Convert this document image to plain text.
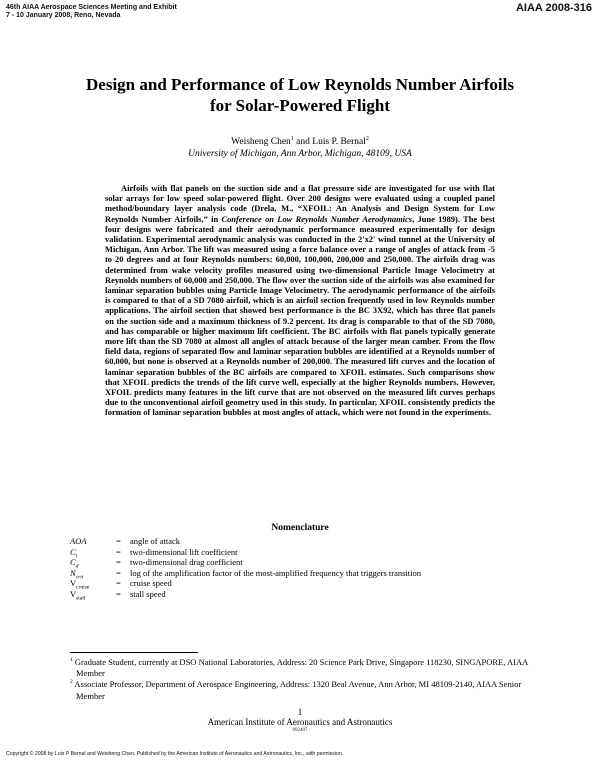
46th AIAA Aerospace Sciences Meeting and Exhibit
7 - 10 January 2008, Reno, Nevada
AIAA 2008-316
Design and Performance of Low Reynolds Number Airfoils
for Solar-Powered Flight
Weisheng Chen$^1$ and Luis P. Bernal$^2$
University of Michigan, Ann Arbor, Michigan, 48109, USA
Airfoils with flat panels on the suction side and a flat pressure side are investigated for use with flat solar arrays for low speed solar-powered flight. Over 200 designs were evaluated using a coupled panel method/boundary layer analysis code (Drela, M., “XFOIL: An Analysis and Design System for Low Reynolds Number Airfoils,” in Conference on Low Reynolds Number Aerodynamics, June 1989). The best four designs were fabricated and their aerodynamic performance measured experimentally for design validation. Experimental aerodynamic analysis was conducted in the 2'x2' wind tunnel at the University of Michigan, Ann Arbor. The lift was measured using a force balance over a range of angles of attack from -5 to 20 degrees and at four Reynolds numbers: 60,000, 100,000, 200,000 and 250,000. The airfoils drag was determined from wake velocity profiles measured using two-dimensional Particle Image Velocimetry at Reynolds numbers of 60,000 and 250,000. The flow over the suction side of the airfoils was also examined for laminar separation bubbles using Particle Image Velocimetry. The aerodynamic performance of the airfoils is compared to that of a SD 7080 airfoil, which is an airfoil section frequently used in low Reynolds number applications. The airfoil section that showed best performance is the BC 3X92, which has three flat panels on the suction side and a maximum thickness of 9.2 percent. Its drag is comparable to that of the SD 7080, and has comparable or higher maximum lift coefficient. The BC airfoils with flat panels typically generate more lift than the SD 7080 at almost all angles of attack because of the larger mean camber. From the flow field data, regions of separated flow and laminar separation bubbles are identified at a Reynolds number of 60,000, but none is observed at a Reynolds number of 200,000. The measured lift curves and the location of laminar separation bubbles of the BC airfoils are compared to XFOIL estimates. Such comparisons show that XFOIL predicts the trends of the lift curve well, especially at the higher Reynolds numbers. However, XFOIL predicts many features in the lift curve that are not observed on the measured lift curves perhaps due to the unconventional airfoil geometry used in this study. In particular, XFOIL consistently predicts the formation of laminar separation bubbles at most angles of attack, which were not found in the experiments.
Nomenclature
AOA	=	angle of attack
$C_l$	=	two-dimensional lift coefficient
$C_d$	=	two-dimensional drag coefficient
$N_{crit}$	=	log of the amplification factor of the most-amplified frequency that triggers transition
$V_{cruise}$	=	cruise speed
$V_{stall}$	=	stall speed
$^1$ Graduate Student, currently at DSO National Laboratories, Address: 20 Science Park Drive, Singapore 118230, SINGAPORE, AIAA Member
$^2$ Associate Professor, Department of Aerospace Engineering, Address: 1320 Beal Avenue, Ann Arbor, MI 48109-2140, AIAA Senior Member
1
American Institute of Aeronautics and Astronautics
092407
Copyright © 2008 by Luis P Bernal and Weisheng Chen. Published by the American Institute of Aeronautics and Astronautics, Inc., with permission.
